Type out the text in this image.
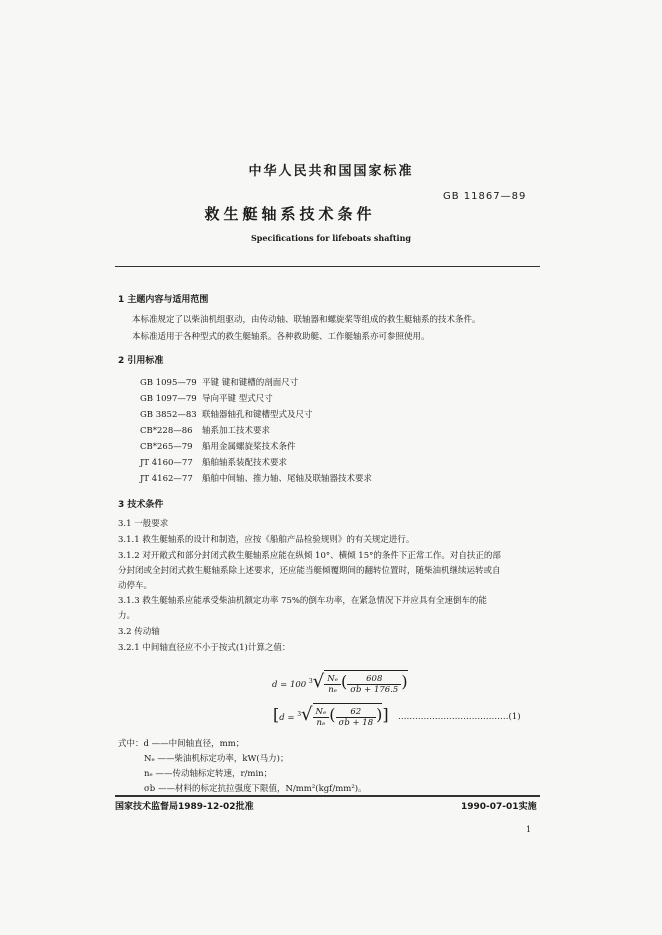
中华人民共和国国家标准
GB 11867—89
救生艇轴系技术条件
Specifications for lifeboats shafting
1 主题内容与适用范围
本标准规定了以柴油机组驱动，由传动轴、联轴器和螺旋桨等组成的救生艇轴系的技术条件。
本标准适用于各种型式的救生艇轴系。各种救助艇、工作艇轴系亦可参照使用。
2 引用标准
GB 1095—79 平键 键和键槽的剖面尺寸
GB 1097—79 导向平键 型式尺寸
GB 3852—83 联轴器轴孔和键槽型式及尺寸
CB*228—86 轴系加工技术要求
CB*265—79 船用金属螺旋桨技术条件
JT 4160—77 船舶轴系装配技术要求
JT 4162—77 船舶中间轴、推力轴、尾轴及联轴器技术要求
3 技术条件
3.1 一般要求
3.1.1 救生艇轴系的设计和制造，应按《船舶产品检验规则》的有关规定进行。
3.1.2 对开敞式和部分封闭式救生艇轴系应能在纵倾 10°、横倾 15°的条件下正常工作。对自扶正的部
分封闭或全封闭式救生艇轴系除上述要求，还应能当艇倾覆期间的翻转位置时，随柴油机继续运转或自
动停车。
3.1.3 救生艇轴系应能承受柴油机额定功率 75%的倒车功率，在紧急情况下并应具有全速倒车的能
力。
3.2 传动轴
3.2.1 中间轴直径应不小于按式(1)计算之值：
d = 100 $^3√ \frac{\text{Nₑ}}{\text{nₑ}}$ ( $\frac{608}{\sigma b + 176.5}$ )
[$d = ^3√ \frac{\text{Nₑ}}{\text{nₑ}}$ ( $\frac{62}{\sigma b + 18}$ )] …………………………………(1)
式中：d ——中间轴直径，mm；
Nₑ ——柴油机标定功率，kW(马力)；
nₑ ——传动轴标定转速，r/min；
σb ——材料的标定抗拉强度下限值，N/mm²(kgf/mm²)。
国家技术监督局1989-12-02批准	1990-07-01实施
1
